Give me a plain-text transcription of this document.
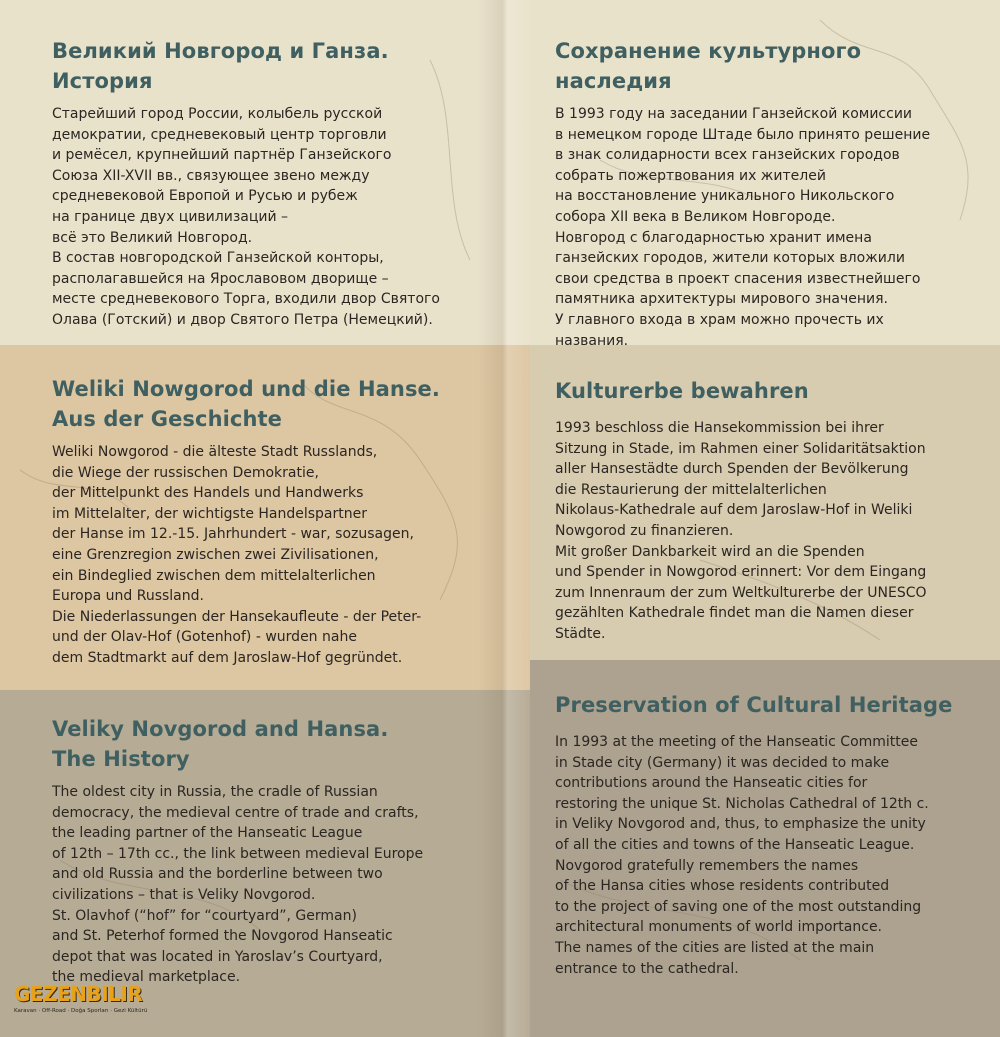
Великий Новгород и Ганза.
История

Старейший город России, колыбель русской
демократии, средневековый центр торговли
и ремёсел, крупнейший партнёр Ганзейского
Союза XII-XVII вв., связующее звено между
средневековой Европой и Русью и рубеж
на границе двух цивилизаций –
всё это Великий Новгород.
В состав новгородской Ганзейской конторы,
располагавшейся на Ярославовом дворище –
месте средневекового Торга, входили двор Святого
Олава (Готский) и двор Святого Петра (Немецкий).

Сохранение культурного
наследия

В 1993 году на заседании Ганзейской комиссии
в немецком городе Штаде было принято решение
в знак солидарности всех ганзейских городов
собрать пожертвования их жителей
на восстановление уникального Никольского
собора XII века в Великом Новгороде.
Новгород с благодарностью хранит имена
ганзейских городов, жители которых вложили
свои средства в проект спасения известнейшего
памятника архитектуры мирового значения.
У главного входа в храм можно прочесть их
названия.

Weliki Nowgorod und die Hanse.
Aus der Geschichte

Weliki Nowgorod - die älteste Stadt Russlands,
die Wiege der russischen Demokratie,
der Mittelpunkt des Handels und Handwerks
im Mittelalter, der wichtigste Handelspartner
der Hanse im 12.-15. Jahrhundert - war, sozusagen,
eine Grenzregion zwischen zwei Zivilisationen,
ein Bindeglied zwischen dem mittelalterlichen
Europa und Russland.
Die Niederlassungen der Hansekaufleute - der Peter-
und der Olav-Hof (Gotenhof) - wurden nahe
dem Stadtmarkt auf dem Jaroslaw-Hof gegründet.

Kulturerbe bewahren

1993 beschloss die Hansekommission bei ihrer
Sitzung in Stade, im Rahmen einer Solidaritätsaktion
aller Hansestädte durch Spenden der Bevölkerung
die Restaurierung der mittelalterlichen
Nikolaus-Kathedrale auf dem Jaroslaw-Hof in Weliki
Nowgorod zu finanzieren.
Mit großer Dankbarkeit wird an die Spenden
und Spender in Nowgorod erinnert: Vor dem Eingang
zum Innenraum der zum Weltkulturerbe der UNESCO
gezählten Kathedrale findet man die Namen dieser
Städte.

Veliky Novgorod and Hansa.
The History

The oldest city in Russia, the cradle of Russian
democracy, the medieval centre of trade and crafts,
the leading partner of the Hanseatic League
of 12th – 17th cc., the link between medieval Europe
and old Russia and the borderline between two
civilizations – that is Veliky Novgorod.
St. Olavhof (“hof” for “courtyard”, German)
and St. Peterhof formed the Novgorod Hanseatic
depot that was located in Yaroslav’s Courtyard,
the medieval marketplace.

Preservation of Cultural Heritage

In 1993 at the meeting of the Hanseatic Committee
in Stade city (Germany) it was decided to make
contributions around the Hanseatic cities for
restoring the unique St. Nicholas Cathedral of 12th c.
in Veliky Novgorod and, thus, to emphasize the unity
of all the cities and towns of the Hanseatic League.
Novgorod gratefully remembers the names
of the Hansa cities whose residents contributed
to the project of saving one of the most outstanding
architectural monuments of world importance.
The names of the cities are listed at the main
entrance to the cathedral.

GEZENBILIR
Karavan · Off-Road · Doğa Sporları · Gezi Kültürü
